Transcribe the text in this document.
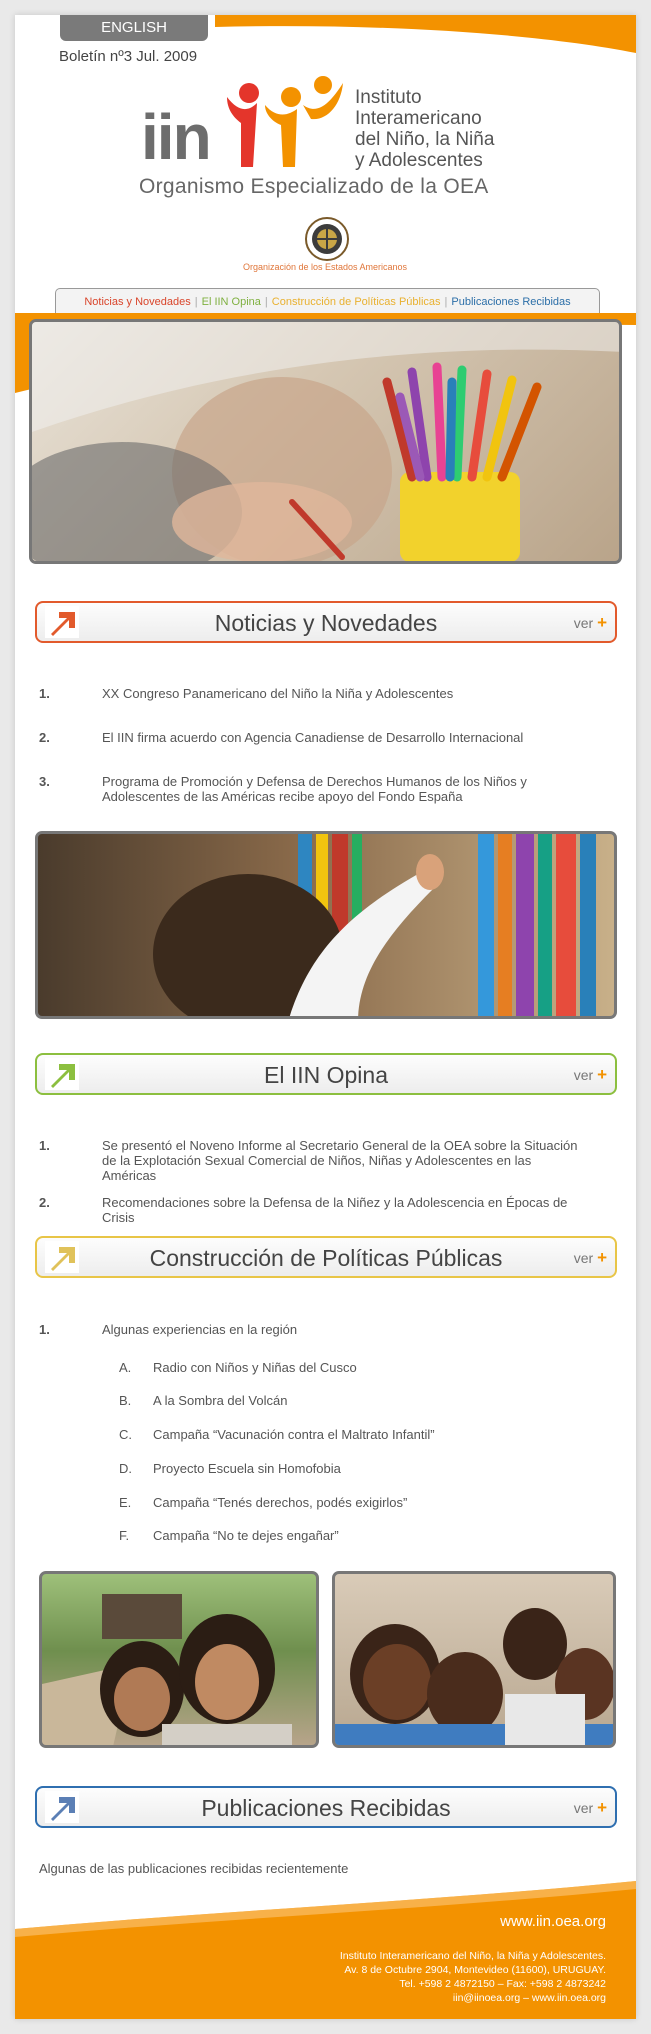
ENGLISH
Boletín nº3 Jul. 2009
iin
Instituto
Interamericano
del Niño, la Niña
y Adolescentes
Organismo Especializado de la OEA
Organización de los Estados Americanos
Noticias y Novedades | El IIN Opina | Construcción de Políticas Públicas | Publicaciones Recibidas
Noticias y Novedades	ver +
1.	XX Congreso Panamericano del Niño la Niña y Adolescentes
2.	El IIN firma acuerdo con Agencia Canadiense de Desarrollo Internacional
3.	Programa de Promoción y Defensa de Derechos Humanos de los Niños y Adolescentes de las Américas recibe apoyo del Fondo España
El IIN Opina	ver +
1.	Se presentó el Noveno Informe al Secretario General de la OEA sobre la Situación de la Explotación Sexual Comercial de Niños, Niñas y Adolescentes en las Américas
2.	Recomendaciones sobre la Defensa de la Niñez y la Adolescencia en Épocas de Crisis
Construcción de Políticas Públicas	ver +
1.	Algunas experiencias en la región
A. Radio con Niños y Niñas del Cusco
B. A la Sombra del Volcán
C. Campaña “Vacunación contra el Maltrato Infantil”
D. Proyecto Escuela sin Homofobia
E. Campaña “Tenés derechos, podés exigirlos”
F. Campaña “No te dejes engañar”
Publicaciones Recibidas	ver +
Algunas de las publicaciones recibidas recientemente
www.iin.oea.org
Instituto Interamericano del Niño, la Niña y Adolescentes.
Av. 8 de Octubre 2904, Montevideo (11600), URUGUAY.
Tel. +598 2 4872150 – Fax: +598 2 4873242
iin@iinoea.org – www.iin.oea.org
